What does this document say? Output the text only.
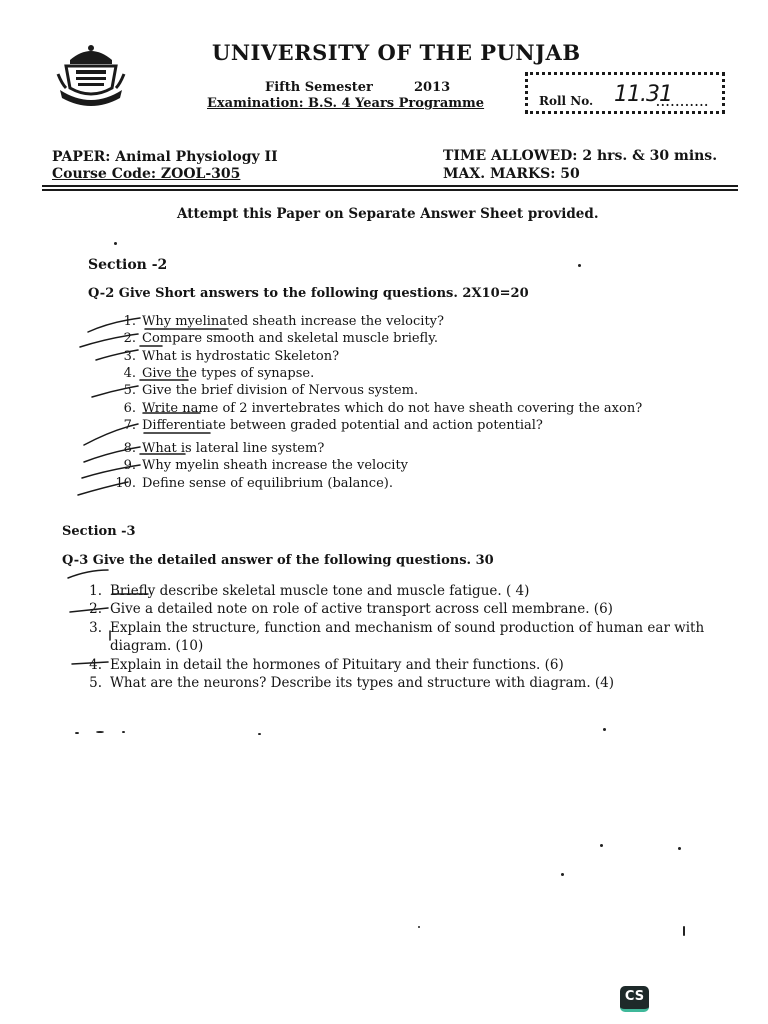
UNIVERSITY OF THE PUNJAB
Fifth Semester	2013
Examination: B.S. 4 Years Programme	Roll No. 11.31
...........
PAPER: Animal Physiology II
Course Code: ZOOL-305
TIME ALLOWED: 2 hrs. & 30 mins.
MAX. MARKS: 50
Attempt this Paper on Separate Answer Sheet provided.
Section -2
Q-2 Give Short answers to the following questions. 2X10=20
1. Why myelinated sheath increase the velocity?
2. Compare smooth and skeletal muscle briefly.
3. What is hydrostatic Skeleton?
4. Give the types of synapse.
5. Give the brief division of Nervous system.
6. Write name of 2 invertebrates which do not have sheath covering the axon?
7. Differentiate between graded potential and action potential?
8. What is lateral line system?
9. Why myelin sheath increase the velocity
10. Define sense of equilibrium (balance).
Section -3
Q-3 Give the detailed answer of the following questions. 30
1. Briefly describe skeletal muscle tone and muscle fatigue. ( 4)
2. Give a detailed note on role of active transport across cell membrane. (6)
3. Explain the structure, function and mechanism of sound production of human ear with
diagram. (10)
4. Explain in detail the hormones of Pituitary and their functions. (6)
5. What are the neurons? Describe its types and structure with diagram. (4)
CS
